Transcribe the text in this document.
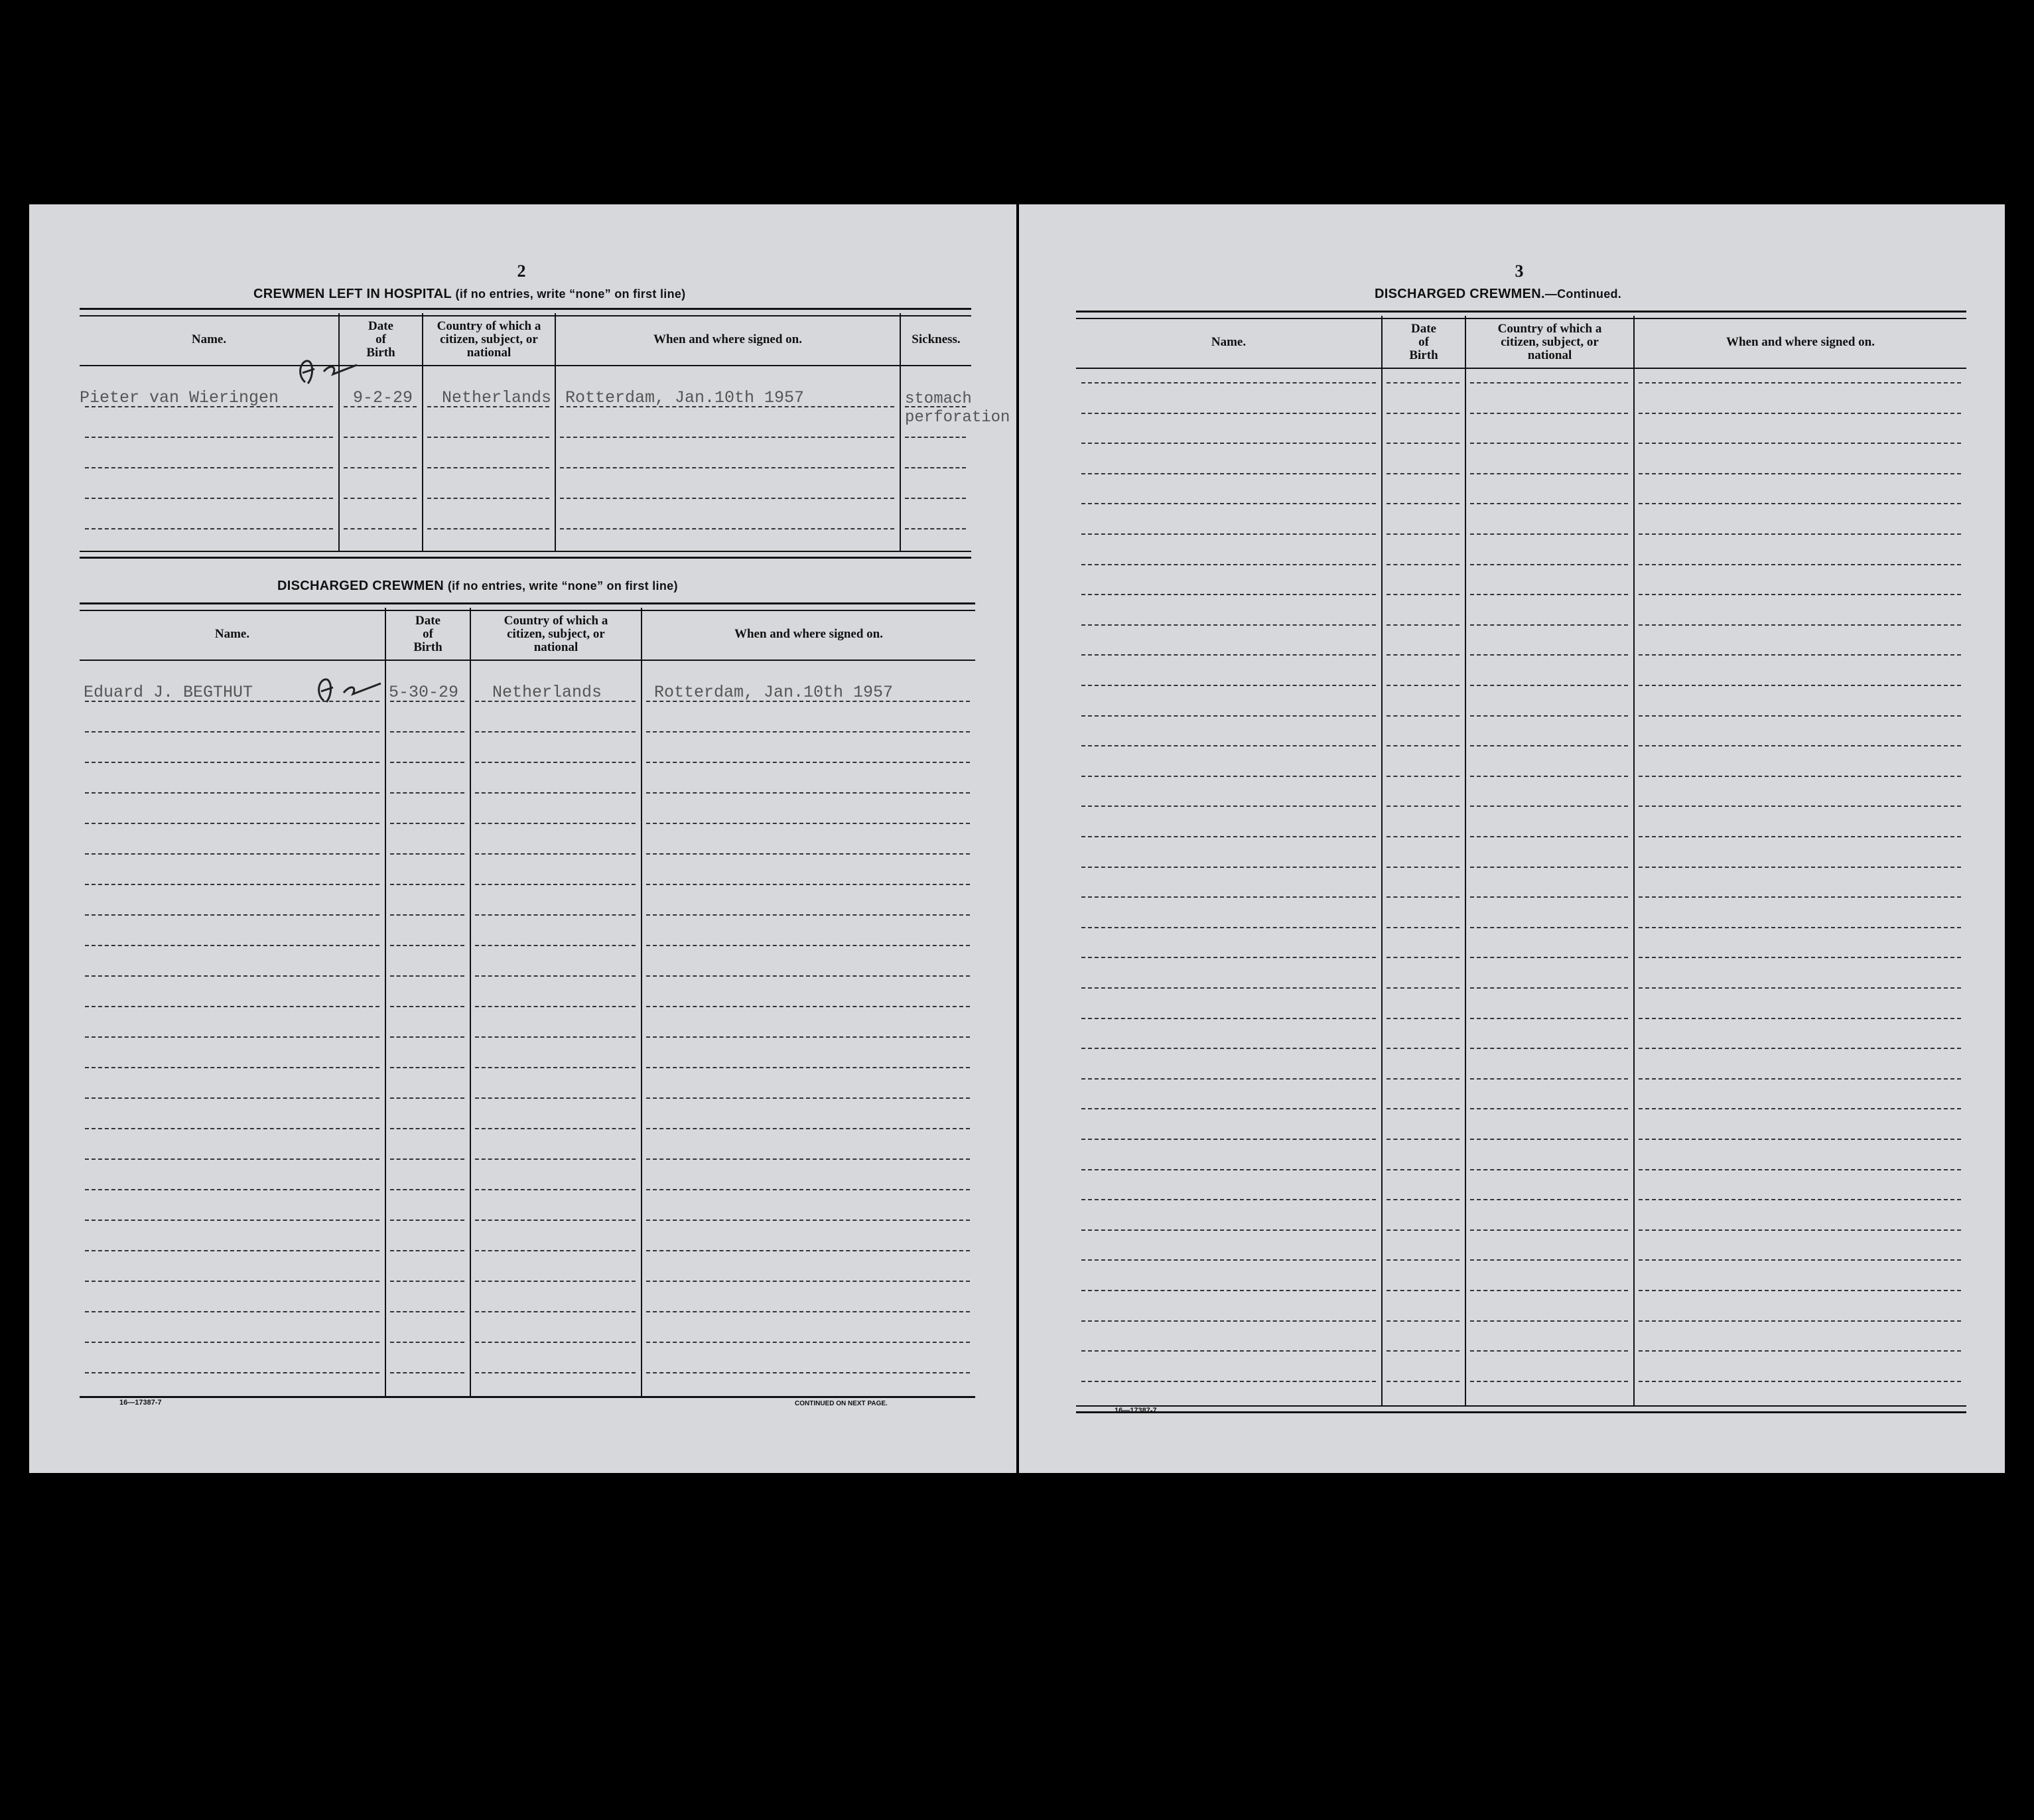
2
CREWMEN LEFT IN HOSPITAL (if no entries, write “none” on first line)
Name.
Date
of
Birth
Country of which a
citizen, subject, or
national
When and where signed on.	Sickness.
Pieter van Wieringen	9-2-29 Netherlands Rotterdam, Jan.10th 1957	stomach
perforation
DISCHARGED CREWMEN (if no entries, write “none” on first line)
Name.
Date
of
Birth
Country of which a
citizen, subject, or
national
When and where signed on.
Eduard J. BEGTHUT	5-30-29 Netherlands	Rotterdam, Jan.10th 1957
16—17387-7	CONTINUED ON NEXT PAGE.
3
DISCHARGED CREWMEN.—Continued.
Name.
Date
of
Birth
Country of which a
citizen, subject, or
national
When and where signed on.
16—17387-7
